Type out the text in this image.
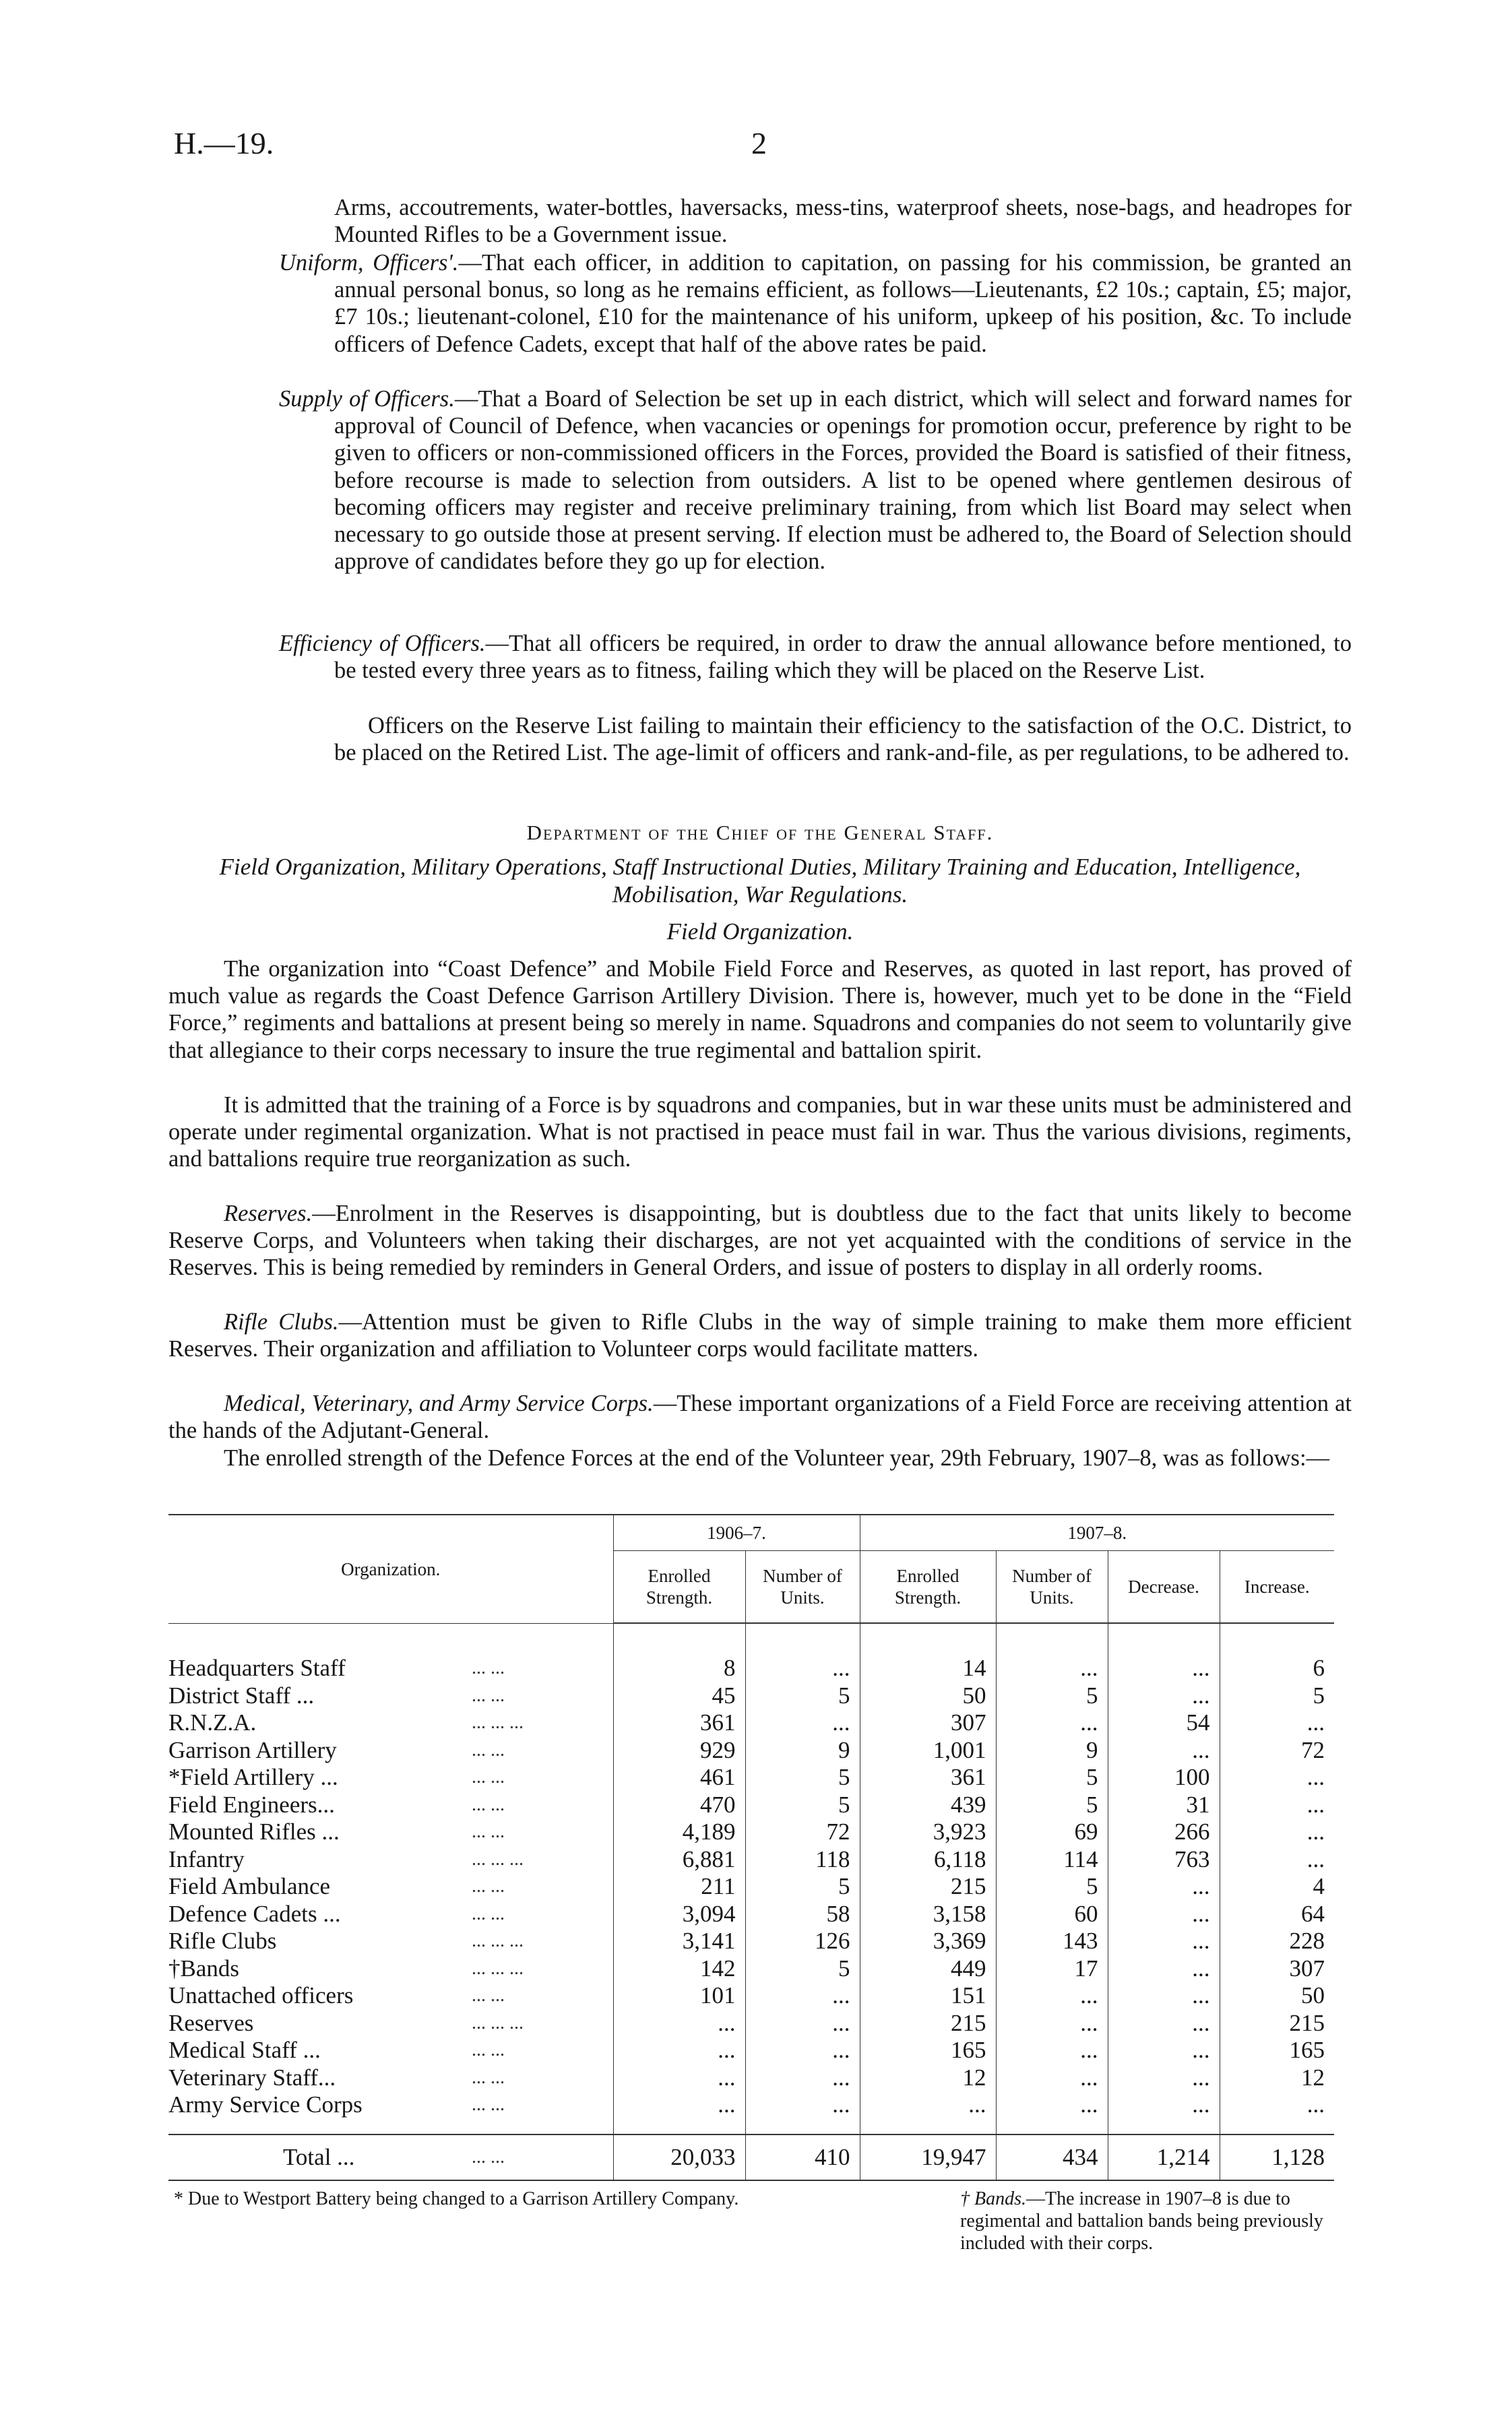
H.—19.	2
Arms, accoutrements, water-bottles, haversacks, mess-tins, waterproof sheets, nose-bags, and headropes for Mounted Rifles to be a Government issue.
Uniform, Officers'.—That each officer, in addition to capitation, on passing for his commission, be granted an annual personal bonus, so long as he remains efficient, as follows—Lieutenants, £2 10s.; captain, £5; major, £7 10s.; lieutenant-colonel, £10 for the maintenance of his uniform, upkeep of his position, &c. To include officers of Defence Cadets, except that half of the above rates be paid.
Supply of Officers.—That a Board of Selection be set up in each district, which will select and forward names for approval of Council of Defence, when vacancies or openings for promotion occur, preference by right to be given to officers or non-commissioned officers in the Forces, provided the Board is satisfied of their fitness, before recourse is made to selection from outsiders. A list to be opened where gentlemen desirous of becoming officers may register and receive preliminary training, from which list Board may select when necessary to go outside those at present serving. If election must be adhered to, the Board of Selection should approve of candidates before they go up for election.
Efficiency of Officers.—That all officers be required, in order to draw the annual allowance before mentioned, to be tested every three years as to fitness, failing which they will be placed on the Reserve List.
Officers on the Reserve List failing to maintain their efficiency to the satisfaction of the O.C. District, to be placed on the Retired List. The age-limit of officers and rank-and-file, as per regulations, to be adhered to.
Department of the Chief of the General Staff.
Field Organization, Military Operations, Staff Instructional Duties, Military Training and Education, Intelligence, Mobilisation, War Regulations.
Field Organization.
The organization into “Coast Defence” and Mobile Field Force and Reserves, as quoted in last report, has proved of much value as regards the Coast Defence Garrison Artillery Division. There is, however, much yet to be done in the “Field Force,” regiments and battalions at present being so merely in name. Squadrons and companies do not seem to voluntarily give that allegiance to their corps necessary to insure the true regimental and battalion spirit.
It is admitted that the training of a Force is by squadrons and companies, but in war these units must be administered and operate under regimental organization. What is not practised in peace must fail in war. Thus the various divisions, regiments, and battalions require true reorganization as such.
Reserves.—Enrolment in the Reserves is disappointing, but is doubtless due to the fact that units likely to become Reserve Corps, and Volunteers when taking their discharges, are not yet acquainted with the conditions of service in the Reserves. This is being remedied by reminders in General Orders, and issue of posters to display in all orderly rooms.
Rifle Clubs.—Attention must be given to Rifle Clubs in the way of simple training to make them more efficient Reserves. Their organization and affiliation to Volunteer corps would facilitate matters.
Medical, Veterinary, and Army Service Corps.—These important organizations of a Field Force are receiving attention at the hands of the Adjutant-General.
The enrolled strength of the Defence Forces at the end of the Volunteer year, 29th February, 1907–8, was as follows:—
Organization.	1906–7.		1907–8.			
	Enrolled Strength.	Number of Units.	Enrolled Strength.	Number of Units.	Decrease.	Increase.

Headquarters Staff ... ...	8	...	14	...	...	6
District Staff ... ... ...	45	5	50	5	...	5
R.N.Z.A. ... ... ...	361	...	307	...	54	...
Garrison Artillery ... ...	929	9	1,001	9	...	72
*Field Artillery ... ... ...	461	5	361	5	100	...
Field Engineers... ... ...	470	5	439	5	31	...
Mounted Rifles ... ... ...	4,189	72	3,923	69	266	...
Infantry ... ... ...	6,881	118	6,118	114	763	...
Field Ambulance ... ...	211	5	215	5	...	4
Defence Cadets ... ... ...	3,094	58	3,158	60	...	64
Rifle Clubs ... ... ...	3,141	126	3,369	143	...	228
†Bands ... ... ...	142	5	449	17	...	307
Unattached officers ... ...	101	...	151	...	...	50
Reserves ... ... ...	...	...	215	...	...	215
Medical Staff ... ... ...	...	...	165	...	...	165
Veterinary Staff... ... ...	...	...	12	...	...	12
Army Service Corps ... ...	...	...	...	...	...	...

Total ... ... ...	20,033	410	19,947	434	1,214	1,128
* Due to Westport Battery being changed to a Garrison Artillery Company.	† Bands.—The increase in 1907–8 is due to regimental and battalion bands being previously included with their corps.
